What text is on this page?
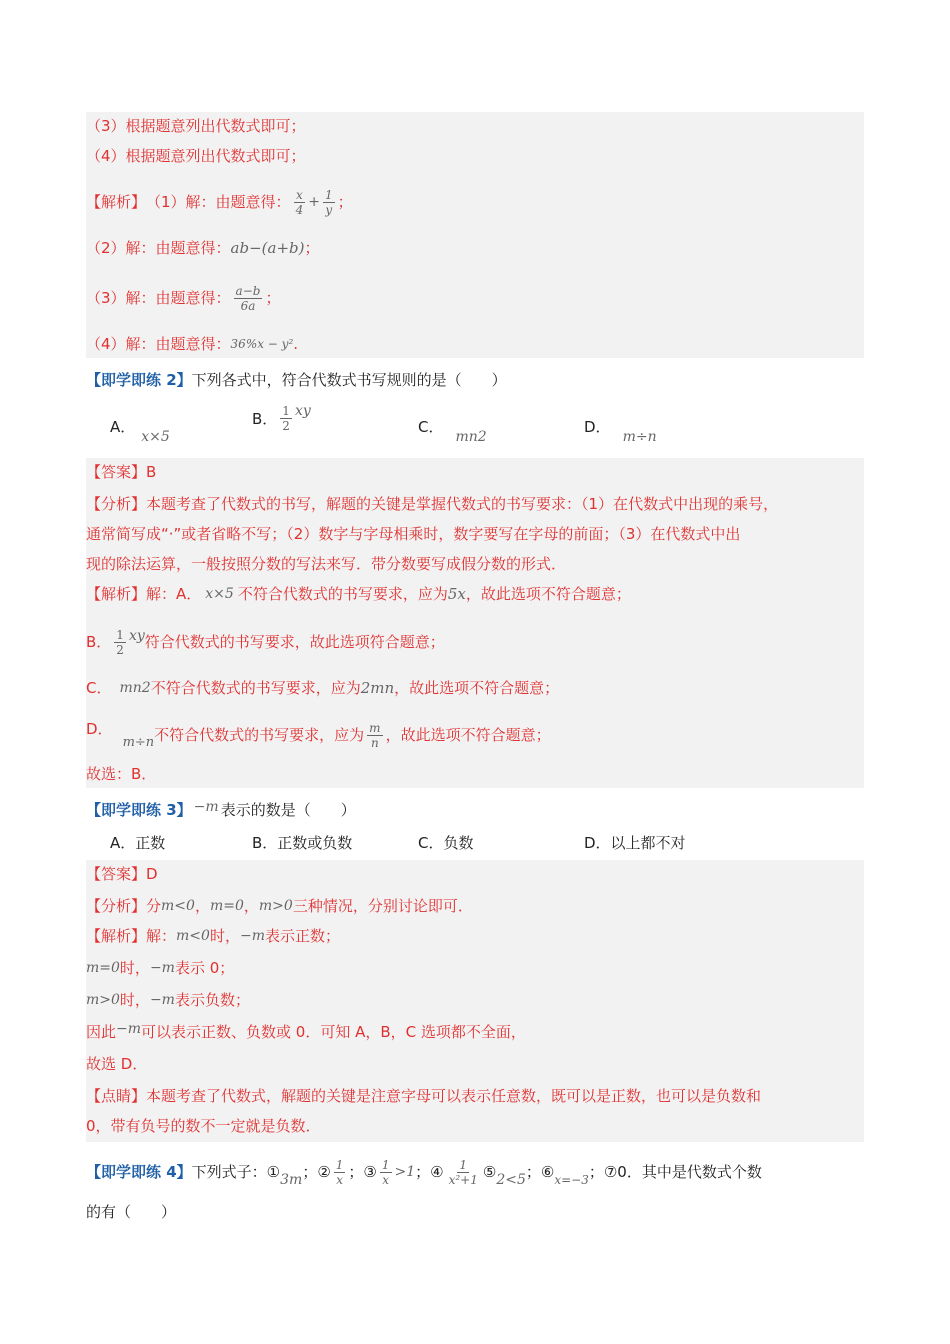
（3）根据题意列出代数式即可；
（4）根据题意列出代数式即可；
【解析】 （1）解：由题意得： $\frac{x}{4} + \frac{1}{y}$ ；
（2）解：由题意得： ab−(a+b) ；
（3）解：由题意得： $\frac{a-b}{6a}$ ；
（4）解：由题意得： 36%x − y² .
【即学即练 2】 下列各式中，符合代数式书写规则的是（　　）
A．x×5
B． $\frac{1}{2}$ xy
C．mn2
D．m÷n
【答案】B
【分析】 本题考查了代数式的书写，解题的关键是掌握代数式的书写要求：（1）在代数式中出现的乘号，
通常简写成“·”或者省略不写；（2）数字与字母相乘时，数字要写在字母的前面；（3）在代数式中出
现的除法运算，一般按照分数的写法来写．带分数要写成假分数的形式．
【解析】 解：A． x×5 不符合代数式的书写要求，应为 5x ，故此选项不符合题意；
B． $\frac{1}{2}$ xy 符合代数式的书写要求，故此选项符合题意；
C． mn2 不符合代数式的书写要求，应为 2mn ，故此选项不符合题意；
D．
m÷n 不符合代数式的书写要求，应为 $\frac{m}{n}$ ，故此选项不符合题意；
故选：B．
【即学即练 3】 −m 表示的数是（　　）
A．正数	B．正数或负数	C．负数	D．以上都不对
【答案】D
【分析】 分 m<0 ， m=0 ， m>0 三种情况，分别讨论即可．
【解析】 解： m<0 时， −m 表示正数；
m=0 时， −m 表示 0；
m>0 时， −m 表示负数；
因此 −m 可以表示正数、负数或 0．可知 A，B，C 选项都不全面，
故选 D．
【点睛】 本题考查了代数式，解题的关键是注意字母可以表示任意数，既可以是正数，也可以是负数和
0，带有负号的数不一定就是负数．
【即学即练 4】 下列式子：① 3m ；② $\frac{1}{x}$ ；③ $\frac{1}{x} >1$ ；④ $\frac{1}{\text{x²+1}}$ ⑤ 2<5 ；⑥ x=−3 ；⑦0．其中是代数式个数
的有（　　）
